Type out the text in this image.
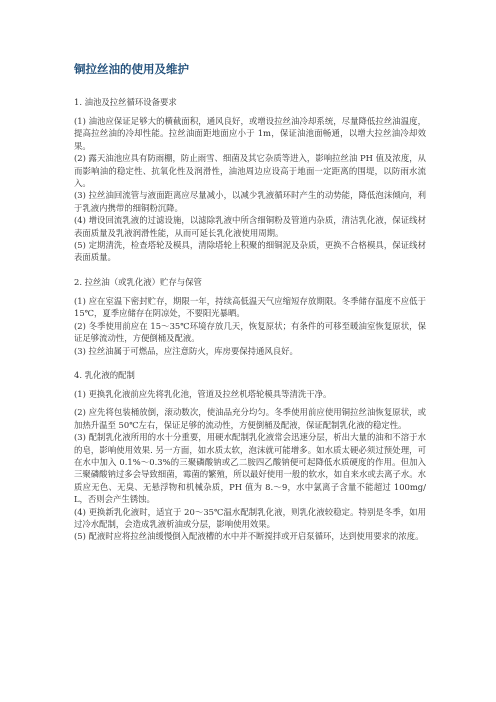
铜拉丝油的使用及维护
1. 油池及拉丝循环设备要求

(1) 油池应保证足够大的横截面积，通风良好，或增设拉丝油冷却系统，尽量降低拉丝油温度，提高拉丝油的冷却性能。拉丝油面距地面应小于 1m，保证油池面畅通，以增大拉丝油冷却效果。

(2) 露天油池应具有防雨棚，防止雨雪、细菌及其它杂质等进入，影响拉丝油 PH 值及浓度，从而影响油的稳定性、抗氧化性及润滑性，油池周边应设高于地面一定距离的围堤，以防雨水流入。

(3) 拉丝油回流管与液面距离应尽量减小，以减少乳液循环时产生的动势能，降低泡沫倾向，利于乳液内携带的细铜粉沉降。

(4) 增设回流乳液的过滤设施，以滤除乳液中所含细铜粉及管道内杂质，清洁乳化液，保证线材表面质量及乳液润滑性能，从而可延长乳化液使用周期。

(5) 定期清洗，检查塔轮及模具，清除塔轮上积聚的细铜泥及杂质，更换不合格模具，保证线材表面质量。

2. 拉丝油（或乳化液）贮存与保管

(1) 应在室温下密封贮存，期限一年，持续高低温天气应缩短存放期限。冬季储存温度不应低于 15℃，夏季应储存在阴凉处，不要阳光暴晒。

(2) 冬季使用前应在 15～35℃环境存放几天，恢复原状；有条件的可移至暖油室恢复原状，保证足够流动性，方便倒桶及配液。

(3) 拉丝油属于可燃品，应注意防火，库房要保持通风良好。

4. 乳化液的配制

(1) 更换乳化液前应先将乳化池，管道及拉丝机塔轮模具等清洗干净。

(2) 应先将包装桶放倒，滚动数次，使油品充分均匀。冬季使用前应使用铜拉丝油恢复原状，或加热升温至 50℃左右，保证足够的流动性，方便倒桶及配液，保证配制乳化液的稳定性。

(3) 配制乳化液所用的水十分重要，用硬水配制乳化液常会迅速分层，析出大量的油和不溶于水的皂，影响使用效果. 另一方面，如水质太软，泡沫就可能增多。如水质太硬必须过预处理，可在水中加入 0.1%～0.3%的三聚磷酸钠或乙二胺四乙酸钠便可起降低水质硬度的作用。但加入三聚磷酸钠过多会导致细菌，霉菌的繁殖，所以最好使用一般的软水，如自来水或去离子水。水质应无色、无臭、无悬浮物和机械杂质，PH 值为 8.～9，水中氯离子含量不能超过 100mg/L，否则会产生锈蚀。

(4) 更换新乳化液时，适宜于 20～35℃温水配制乳化液，则乳化液较稳定。特别是冬季，如用过冷水配制，会造成乳液析油或分层，影响使用效果。

(5) 配液时应将拉丝油缓慢倒入配液槽的水中并不断搅拌或开启泵循环，达到使用要求的浓度。
